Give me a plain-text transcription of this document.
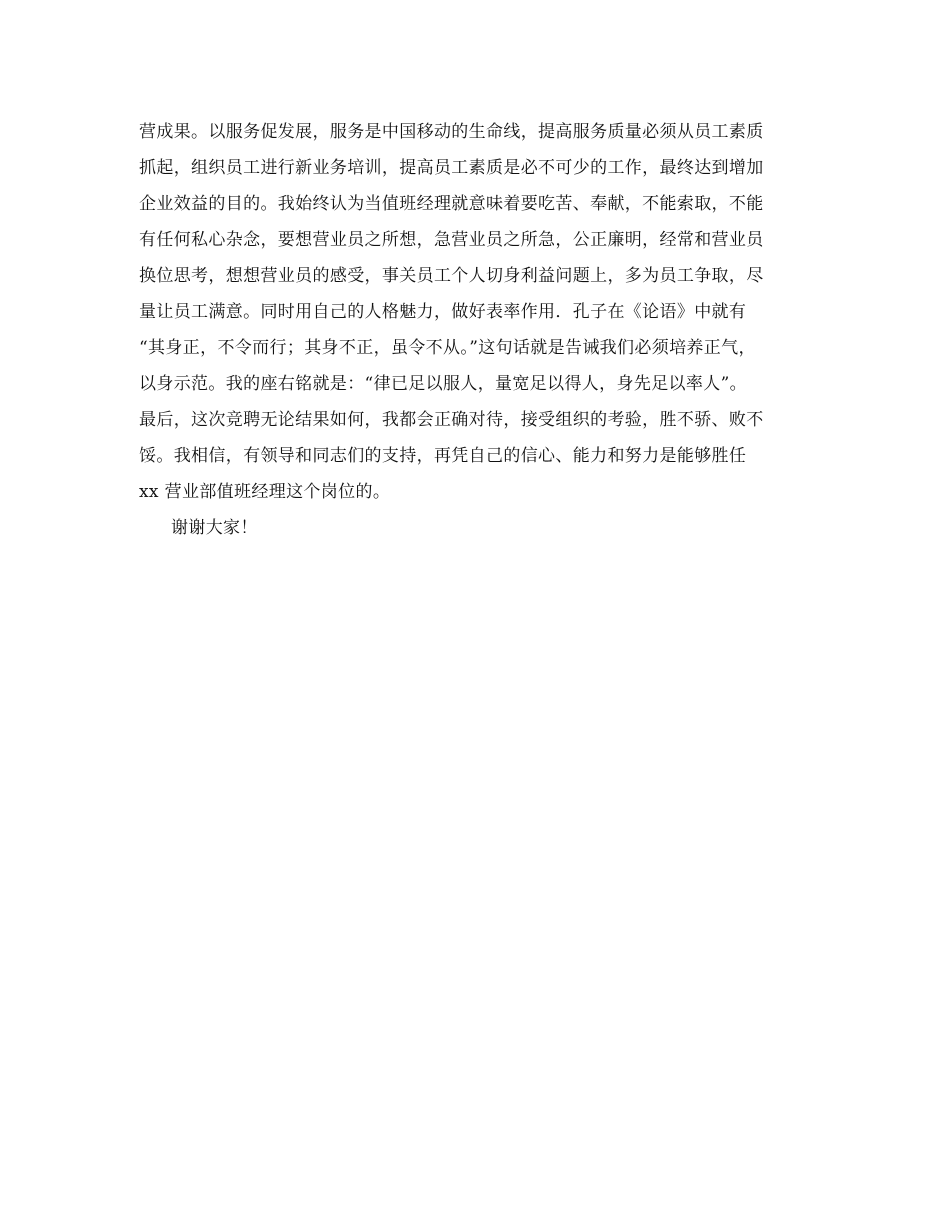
营成果。以服务促发展，服务是中国移动的生命线，提高服务质量必须从员工素质
抓起，组织员工进行新业务培训，提高员工素质是必不可少的工作，最终达到增加
企业效益的目的。我始终认为当值班经理就意味着要吃苦、奉献，不能索取，不能
有任何私心杂念，要想营业员之所想，急营业员之所急，公正廉明，经常和营业员
换位思考，想想营业员的感受，事关员工个人切身利益问题上，多为员工争取，尽
量让员工满意。同时用自己的人格魅力，做好表率作用．孔子在《论语》中就有
“其身正，不令而行；其身不正，虽令不从。”这句话就是告诫我们必须培养正气，
以身示范。我的座右铭就是：“律已足以服人，量宽足以得人，身先足以率人”。
最后，这次竞聘无论结果如何，我都会正确对待，接受组织的考验，胜不骄、败不
馁。我相信，有领导和同志们的支持，再凭自己的信心、能力和努力是能够胜任
xx 营业部值班经理这个岗位的。
谢谢大家！
